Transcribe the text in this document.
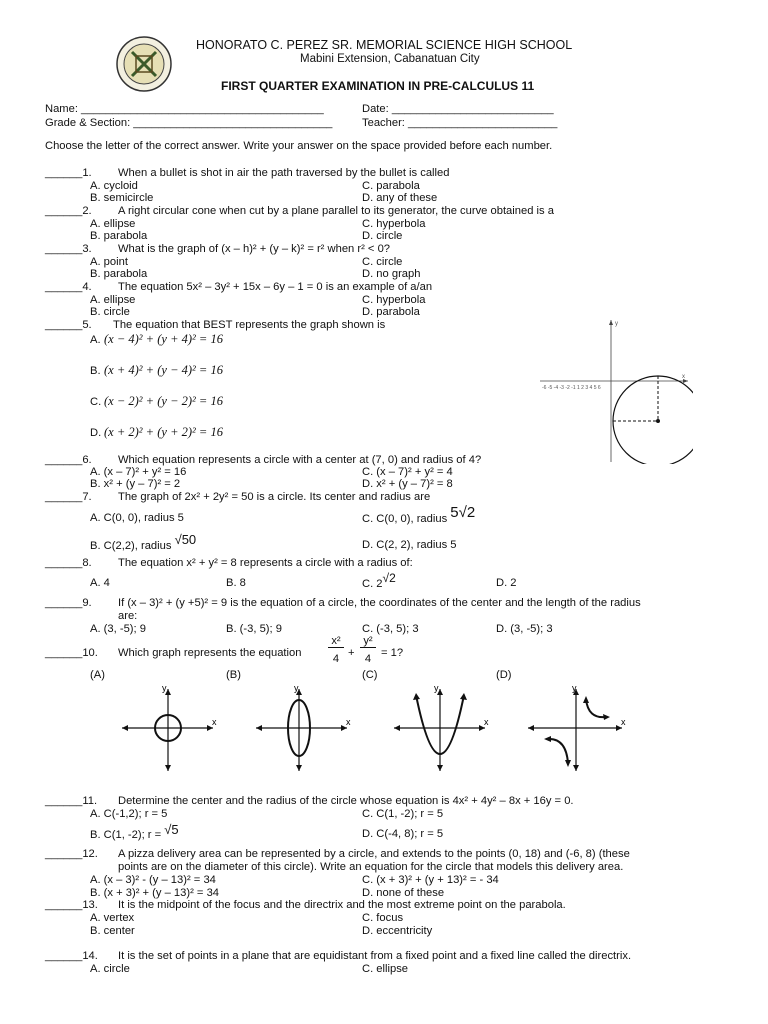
HONORATO C. PEREZ SR. MEMORIAL SCIENCE HIGH SCHOOL
Mabini Extension, Cabanatuan City
FIRST QUARTER EXAMINATION IN PRE-CALCULUS 11
Name: _______________________________________	Date: __________________________
Grade & Section: ________________________________	Teacher: ________________________
Choose the letter of the correct answer. Write your answer on the space provided before each number.
______1. When a bullet is shot in air the path traversed by the bullet is called
A. cycloid	C. parabola
B. semicircle	D. any of these
______2. A right circular cone when cut by a plane parallel to its generator, the curve obtained is a
A. ellipse	C. hyperbola
B. parabola	D. circle
______3. What is the graph of (x – h)² + (y – k)² = r² when r² < 0?
A. point	C. circle
B. parabola	D. no graph
______4. The equation 5x² – 3y² + 15x – 6y – 1 = 0 is an example of a/an
A. ellipse	C. hyperbola
B. circle	D. parabola
______5. The equation that BEST represents the graph shown is
A. (x − 4)² + (y + 4)² = 16
B. (x + 4)² + (y − 4)² = 16
C. (x − 2)² + (y − 2)² = 16
D. (x + 2)² + (y + 2)² = 16
-6 -5 -4 -3 -2 -1 1 2 3 4 5 6
x
y
______6. Which equation represents a circle with a center at (7, 0) and radius of 4?
A. (x – 7)² + y² = 16	C. (x – 7)² + y² = 4
B. x² + (y – 7)² = 2	D. x² + (y – 7)² = 8
______7. The graph of 2x² + 2y² = 50 is a circle. Its center and radius are
A. C(0, 0), radius 5	C. C(0, 0), radius 5√2
B. C(2,2), radius √50	D. C(2, 2), radius 5
______8. The equation x² + y² = 8 represents a circle with a radius of:
A. 4	B. 8	C. 2√2	D. 2
______9. If (x – 3)² + (y +5)² = 9 is the equation of a circle, the coordinates of the center and the length of the radius
are:
A. (3, -5); 9	B. (-3, 5); 9	C. (-3, 5); 3	D. (3, -5); 3
______10. Which graph represents the equation
x²
4 +
y²
4 = 1?
(A)	(B)	(C)	(D)
y
x
y
x
y
x
y
x
______11. Determine the center and the radius of the circle whose equation is 4x² + 4y² – 8x + 16y = 0.
A. C(-1,2); r = 5	C. C(1, -2); r = 5
B. C(1, -2); r = √5	D. C(-4, 8); r = 5
______12. A pizza delivery area can be represented by a circle, and extends to the points (0, 18) and (-6, 8) (these
points are on the diameter of this circle). Write an equation for the circle that models this delivery area.
A. (x – 3)² - (y – 13)² = 34	C. (x + 3)² + (y + 13)² = - 34
B. (x + 3)² + (y – 13)² = 34	D. none of these
______13. It is the midpoint of the focus and the directrix and the most extreme point on the parabola.
A. vertex	C. focus
B. center	D. eccentricity
______14. It is the set of points in a plane that are equidistant from a fixed point and a fixed line called the directrix.
A. circle	C. ellipse
